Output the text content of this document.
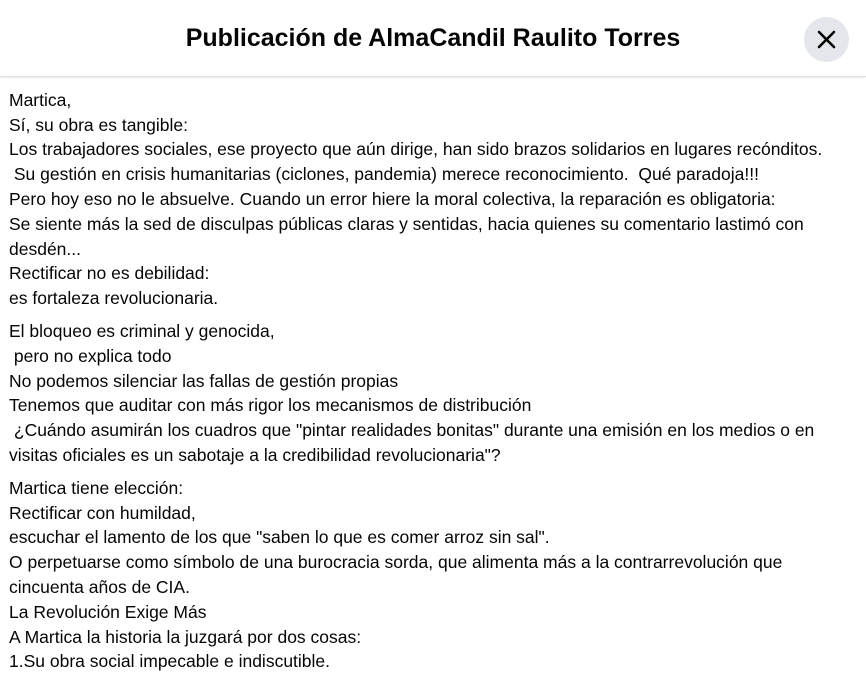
Martica,
Sí, su obra es tangible:
Los trabajadores sociales, ese proyecto que aún dirige, han sido brazos solidarios en lugares recónditos.
Su gestión en crisis humanitarias (ciclones, pandemia) merece reconocimiento.  Qué paradoja!!!
Pero hoy eso no le absuelve. Cuando un error hiere la moral colectiva, la reparación es obligatoria:
Se siente más la sed de disculpas públicas claras y sentidas, hacia quienes su comentario lastimó con desdén...
Rectificar no es debilidad:
es fortaleza revolucionaria.
El bloqueo es criminal y genocida,
pero no explica todo
No podemos silenciar las fallas de gestión propias
Tenemos que auditar con más rigor los mecanismos de distribución
¿Cuándo asumirán los cuadros que "pintar realidades bonitas" durante una emisión en los medios o en visitas oficiales es un sabotaje a la credibilidad revolucionaria"?
Martica tiene elección:
Rectificar con humildad,
escuchar el lamento de los que "saben lo que es comer arroz sin sal".
O perpetuarse como símbolo de una burocracia sorda, que alimenta más a la contrarrevolución que cincuenta años de CIA.
La Revolución Exige Más
A Martica la historia la juzgará por dos cosas:
1.Su obra social impecable e indiscutible.
Publicación de AlmaCandil Raulito Torres
